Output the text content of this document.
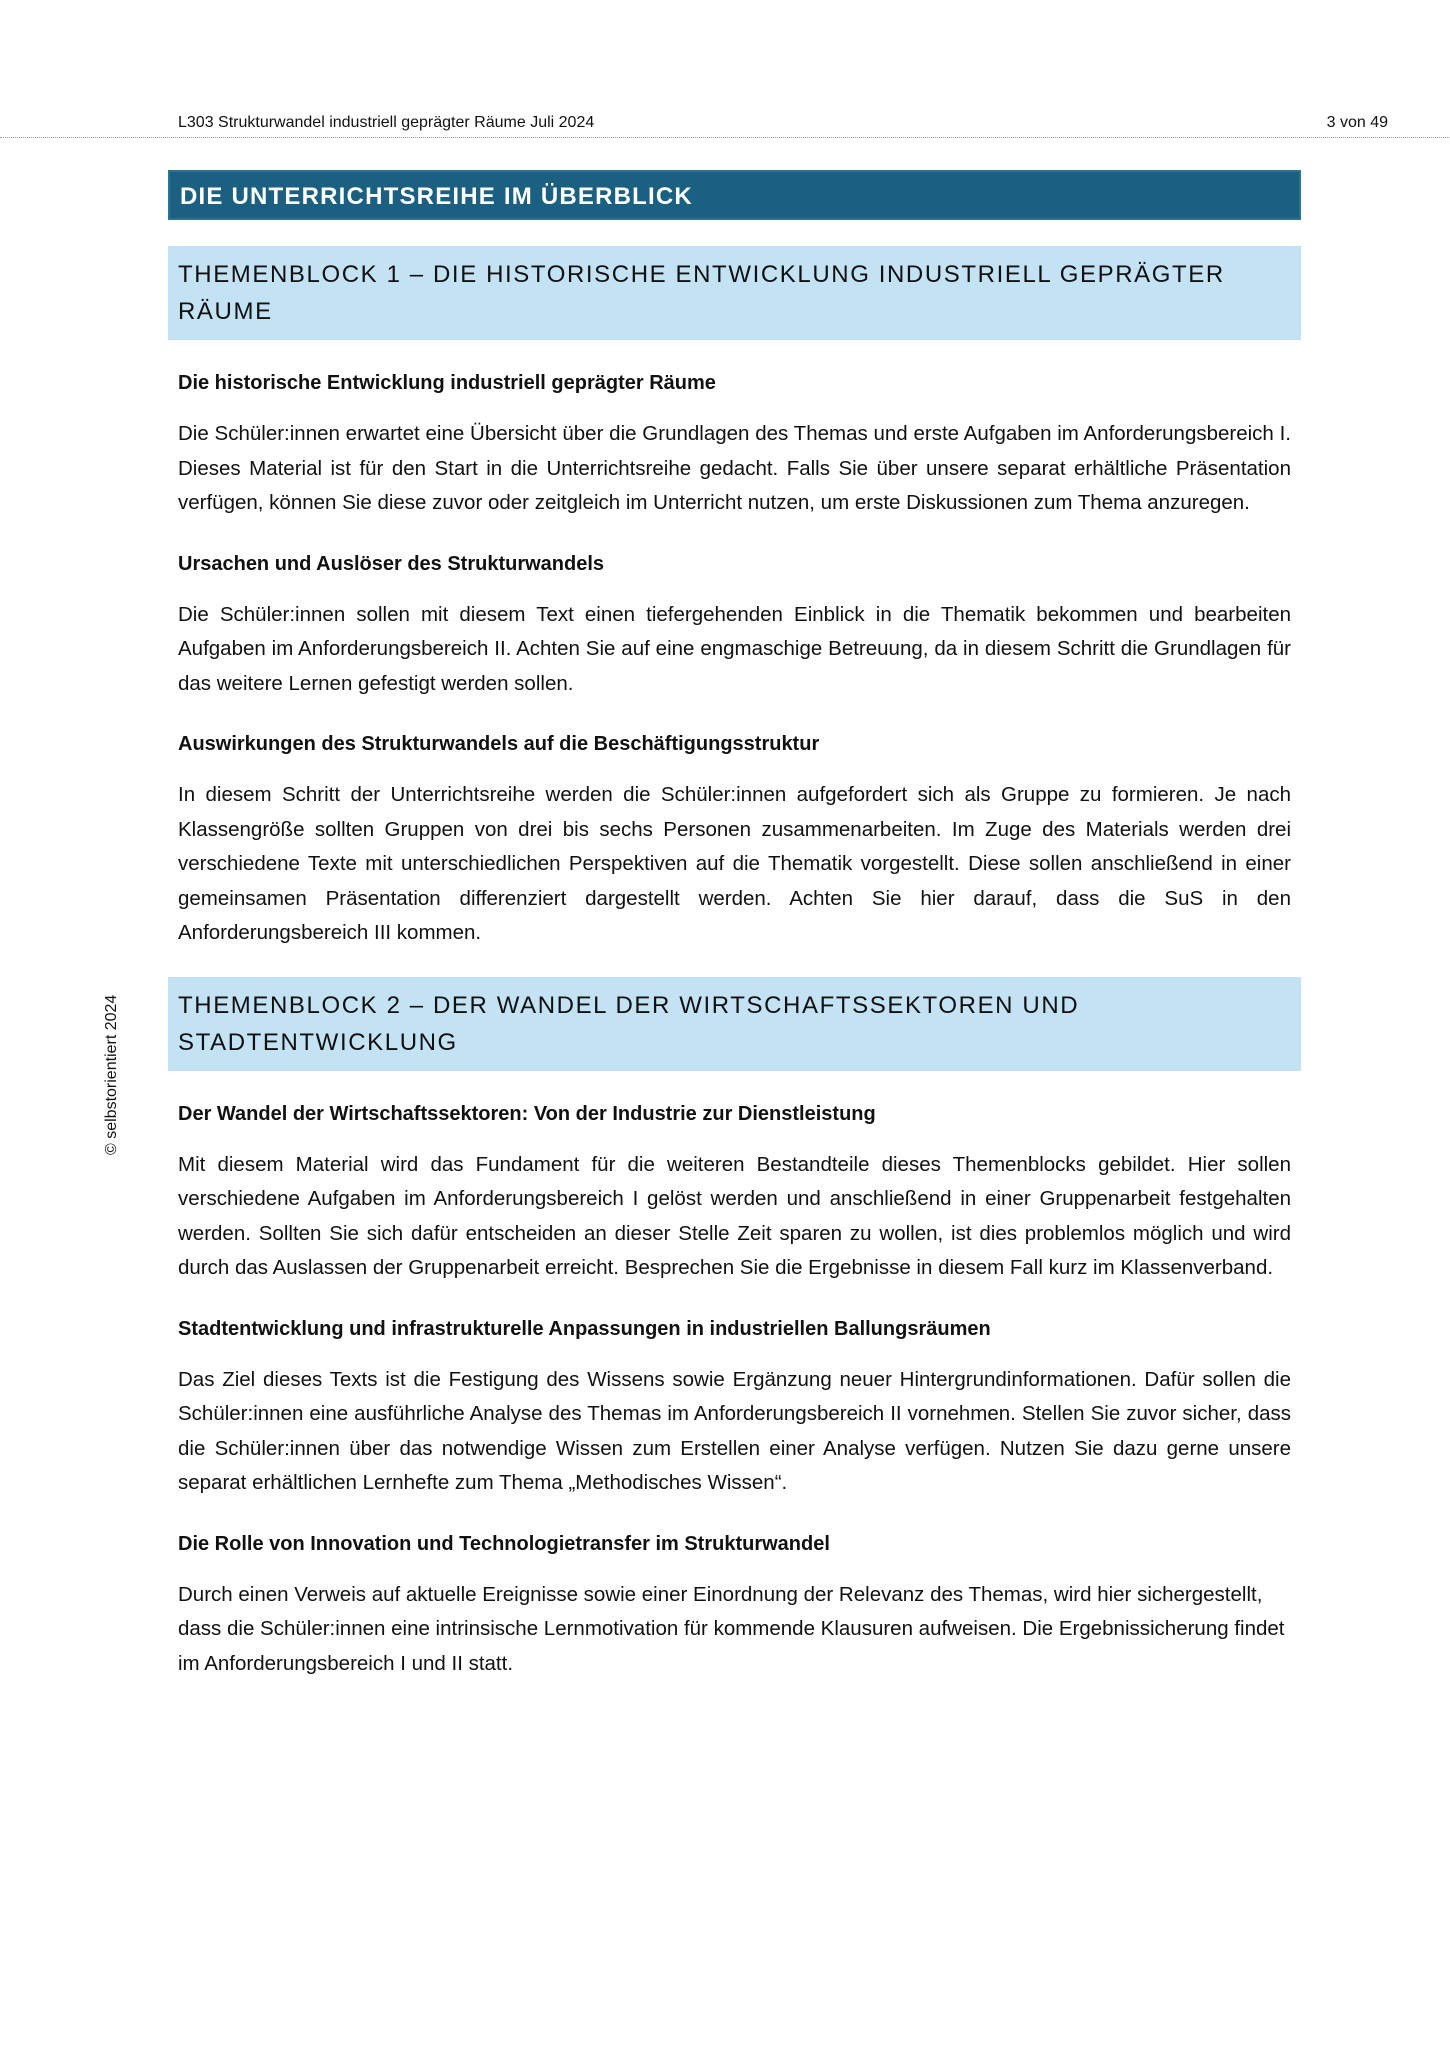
L303 Strukturwandel industriell geprägter Räume Juli 2024	3 von 49
© selbstorientiert 2024
DIE UNTERRICHTSREIHE IM ÜBERBLICK
THEMENBLOCK 1 – DIE HISTORISCHE ENTWICKLUNG INDUSTRIELL GEPRÄGTER RÄUME
Die historische Entwicklung industriell geprägter Räume
Die Schüler:innen erwartet eine Übersicht über die Grundlagen des Themas und erste Aufgaben im Anforderungsbereich I. Dieses Material ist für den Start in die Unterrichtsreihe gedacht. Falls Sie über unsere separat erhältliche Präsentation verfügen, können Sie diese zuvor oder zeitgleich im Unterricht nutzen, um erste Diskussionen zum Thema anzuregen.
Ursachen und Auslöser des Strukturwandels
Die Schüler:innen sollen mit diesem Text einen tiefergehenden Einblick in die Thematik bekommen und bearbeiten Aufgaben im Anforderungsbereich II. Achten Sie auf eine engmaschige Betreuung, da in diesem Schritt die Grundlagen für das weitere Lernen gefestigt werden sollen.
Auswirkungen des Strukturwandels auf die Beschäftigungsstruktur
In diesem Schritt der Unterrichtsreihe werden die Schüler:innen aufgefordert sich als Gruppe zu formieren. Je nach Klassengröße sollten Gruppen von drei bis sechs Personen zusammenarbeiten. Im Zuge des Materials werden drei verschiedene Texte mit unterschiedlichen Perspektiven auf die Thematik vorgestellt. Diese sollen anschließend in einer gemeinsamen Präsentation differenziert dargestellt werden. Achten Sie hier darauf, dass die SuS in den Anforderungsbereich III kommen.
THEMENBLOCK 2 – DER WANDEL DER WIRTSCHAFTSSEKTOREN UND STADTENTWICKLUNG
Der Wandel der Wirtschaftssektoren: Von der Industrie zur Dienstleistung
Mit diesem Material wird das Fundament für die weiteren Bestandteile dieses Themenblocks gebildet. Hier sollen verschiedene Aufgaben im Anforderungsbereich I gelöst werden und anschließend in einer Gruppenarbeit festgehalten werden. Sollten Sie sich dafür entscheiden an dieser Stelle Zeit sparen zu wollen, ist dies problemlos möglich und wird durch das Auslassen der Gruppenarbeit erreicht. Besprechen Sie die Ergebnisse in diesem Fall kurz im Klassenverband.
Stadtentwicklung und infrastrukturelle Anpassungen in industriellen Ballungsräumen
Das Ziel dieses Texts ist die Festigung des Wissens sowie Ergänzung neuer Hintergrundinformationen. Dafür sollen die Schüler:innen eine ausführliche Analyse des Themas im Anforderungsbereich II vornehmen. Stellen Sie zuvor sicher, dass die Schüler:innen über das notwendige Wissen zum Erstellen einer Analyse verfügen. Nutzen Sie dazu gerne unsere separat erhältlichen Lernhefte zum Thema „Methodisches Wissen“.
Die Rolle von Innovation und Technologietransfer im Strukturwandel
Durch einen Verweis auf aktuelle Ereignisse sowie einer Einordnung der Relevanz des Themas, wird hier sichergestellt, dass die Schüler:innen eine intrinsische Lernmotivation für kommende Klausuren aufweisen. Die Ergebnissicherung findet im Anforderungsbereich I und II statt.
